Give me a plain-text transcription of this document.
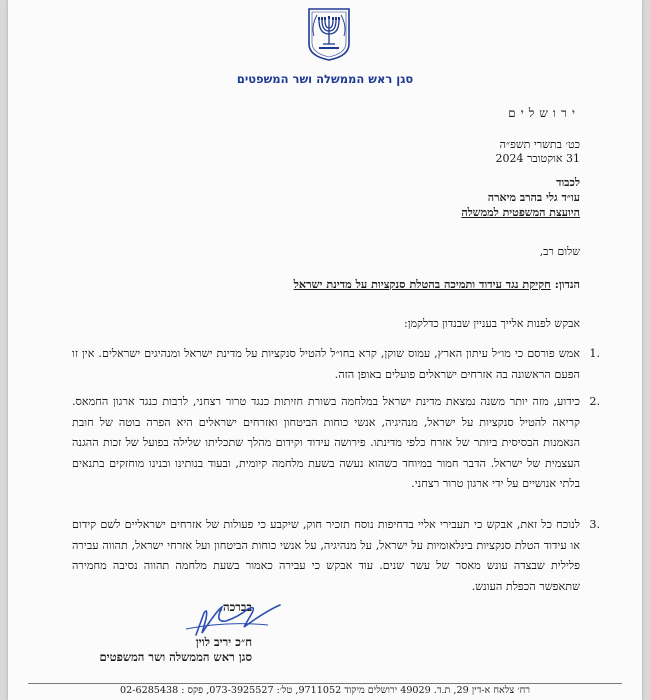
סגן ראש הממשלה ושר המשפטים
ירושלים
כט׳ בתשרי תשפ״ה
31 אוקטובר 2024
לכבוד
עו״ד גלי בהרב מיארה
היועצת המשפטית לממשלה
שלום רב,
הנדון: חקיקת נגד עידוד ותמיכה בהטלת סנקציות על מדינת ישראל
אבקש לפנות אלייך בעניין שבנדון כדלקמן:
.1
אמש פורסם כי מו״ל עיתון הארץ, עמוס שוקן, קרא בחו״ל להטיל סנקציות על מדינת ישראל ומנהיגים ישראלים. אין זו הפעם הראשונה בה אזרחים ישראלים פועלים באופן הזה.
.2
כידוע, מזה יותר משנה נמצאת מדינת ישראל במלחמה בשורת חזיתות כנגד טרור רצחני, לרבות כנגד ארגון החמאס. קריאה להטיל סנקציות על ישראל, מנהיגיה, אנשי כוחות הביטחון ואזרחים ישראלים היא הפרה בוטה של חובת הנאמנות הבסיסית ביותר של אזרח כלפי מדינתו. פירושה עידוד וקידום מהלך שתכליתו שלילה בפועל של זכות ההגנה העצמית של ישראל. הדבר חמור במיוחד כשהוא נעשה בשעת מלחמה קיומית, ובעוד בנותינו ובנינו מוחזקים בתנאים בלתי אנושיים על ידי ארגון טרור רצחני.
.3
לנוכח כל זאת, אבקש כי תעבירי אליי בדחיפות נוסח תזכיר חוק, שיקבע כי פעולות של אזרחים ישראליים לשם קידום או עידוד הטלת סנקציות בינלאומיות על ישראל, על מנהיגיה, על אנשי כוחות הביטחון ועל אזרחי ישראל, תהווה עבירה פלילית שבצדה עונש מאסר של עשר שנים. עוד אבקש כי עבירה כאמור בשעת מלחמה תהווה נסיבה מחמירה שתאפשר הכפלת העונש.
בברכה,
ח״כ יריב לוין
סגן ראש הממשלה ושר המשפטים
רח׳ צלאח א-דין 29, ת.ד. 49029 ירושלים מיקוד 9711052, טל׳: 073-3925527, פקס : 02-6285438
